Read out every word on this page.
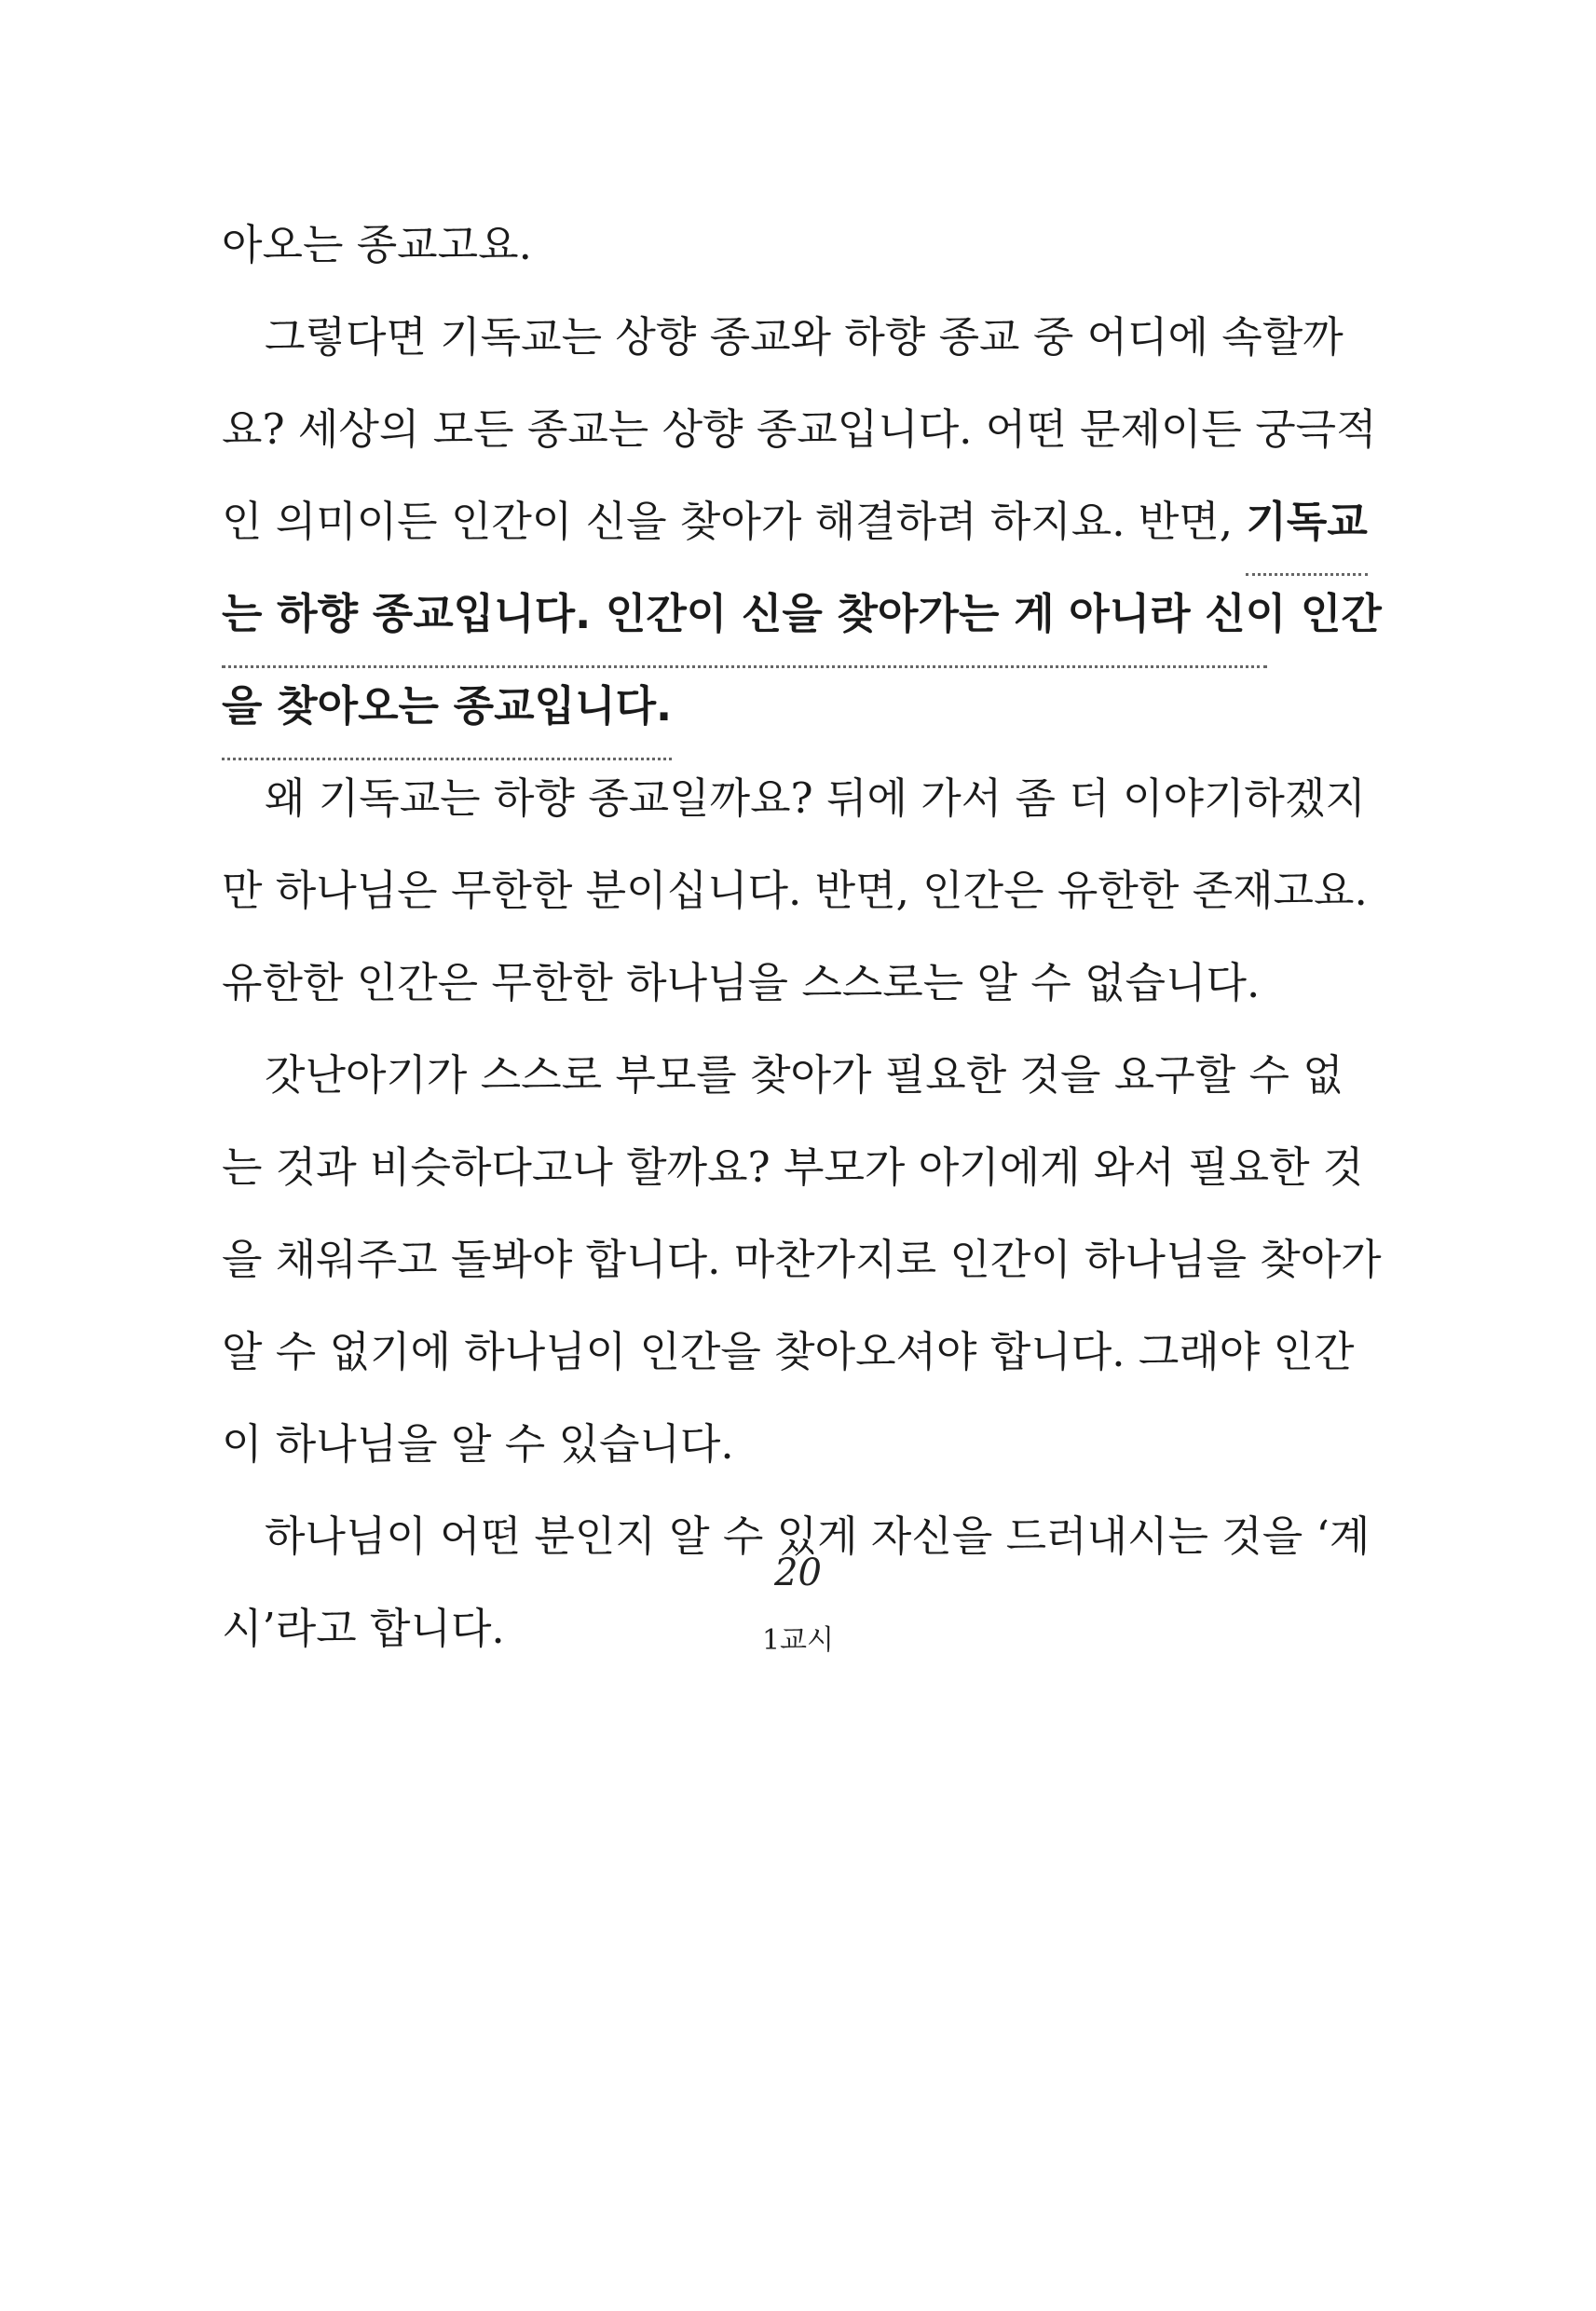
아오는 종교고요.
그렇다면 기독교는 상향 종교와 하향 종교 중 어디에 속할까
요? 세상의 모든 종교는 상향 종교입니다. 어떤 문제이든 궁극적
인 의미이든 인간이 신을 찾아가 해결하려 하지요. 반면, 기독교
는 하향 종교입니다. 인간이 신을 찾아가는 게 아니라 신이 인간
을 찾아오는 종교입니다.
왜 기독교는 하향 종교일까요? 뒤에 가서 좀 더 이야기하겠지
만 하나님은 무한한 분이십니다. 반면, 인간은 유한한 존재고요.
유한한 인간은 무한한 하나님을 스스로는 알 수 없습니다.
갓난아기가 스스로 부모를 찾아가 필요한 것을 요구할 수 없
는 것과 비슷하다고나 할까요? 부모가 아기에게 와서 필요한 것
을 채워주고 돌봐야 합니다. 마찬가지로 인간이 하나님을 찾아가
알 수 없기에 하나님이 인간을 찾아오셔야 합니다. 그래야 인간
이 하나님을 알 수 있습니다.
하나님이 어떤 분인지 알 수 있게 자신을 드러내시는 것을 ‘계
시’라고 합니다.
20
1교시
